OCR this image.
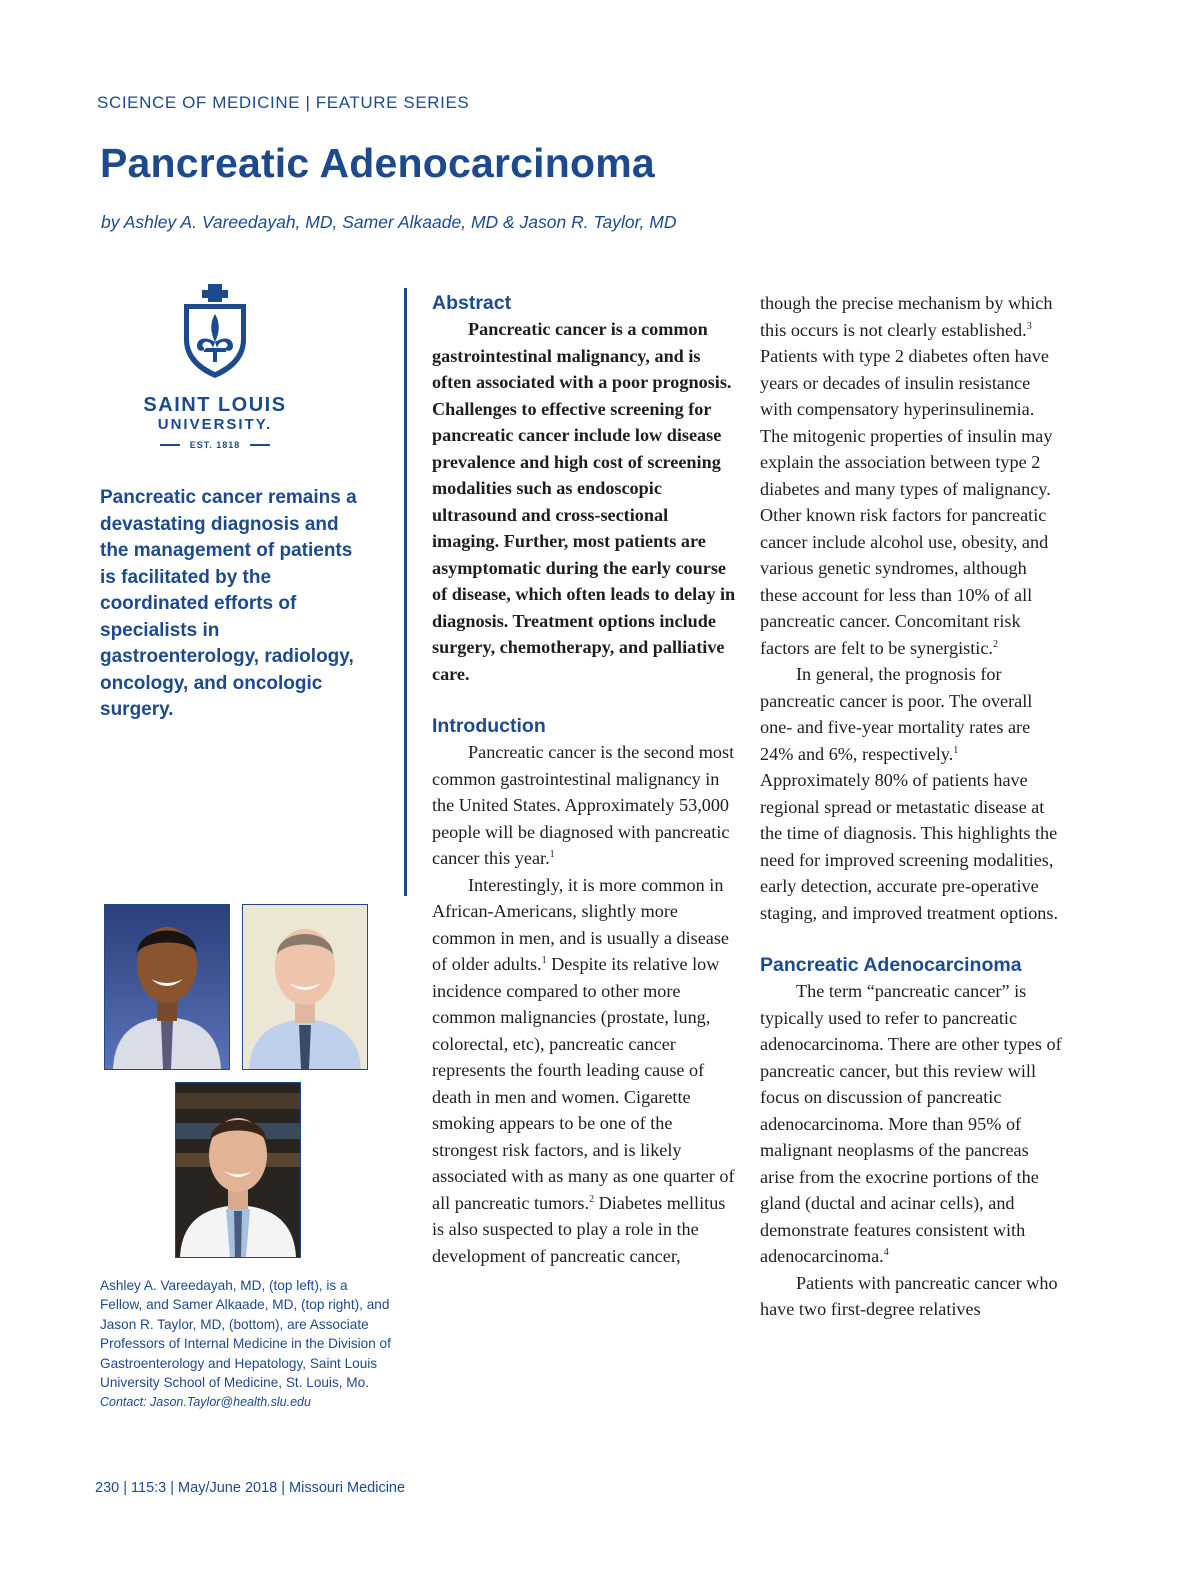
SCIENCE OF MEDICINE | FEATURE SERIES
Pancreatic Adenocarcinoma
by Ashley A. Vareedayah, MD, Samer Alkaade, MD & Jason R. Taylor, MD
SAINT LOUIS
UNIVERSITY.
EST. 1818
Pancreatic cancer remains a devastating diagnosis and the management of patients is facilitated by the coordinated efforts of specialists in gastroenterology, radiology, oncology, and oncologic surgery.
Ashley A. Vareedayah, MD, (top left), is a Fellow, and Samer Alkaade, MD, (top right), and Jason R. Taylor, MD, (bottom), are Associate Professors of Internal Medicine in the Division of Gastroenterology and Hepatology, Saint Louis University School of Medicine, St. Louis, Mo.
Contact: Jason.Taylor@health.slu.edu
Abstract

Pancreatic cancer is a common gastrointestinal malignancy, and is often associated with a poor prognosis. Challenges to effective screening for pancreatic cancer include low disease prevalence and high cost of screening modalities such as endoscopic ultrasound and cross-sectional imaging. Further, most patients are asymptomatic during the early course of disease, which often leads to delay in diagnosis. Treatment options include surgery, chemotherapy, and palliative care.

Introduction

Pancreatic cancer is the second most common gastrointestinal malignancy in the United States. Approximately 53,000 people will be diagnosed with pancreatic cancer this year.$^1$

Interestingly, it is more common in African-Americans, slightly more common in men, and is usually a disease of older adults.$^1$ Despite its relative low incidence compared to other more common malignancies (prostate, lung, colorectal, etc), pancreatic cancer represents the fourth leading cause of death in men and women. Cigarette smoking appears to be one of the strongest risk factors, and is likely associated with as many as one quarter of all pancreatic tumors.$^2$ Diabetes mellitus is also suspected to play a role in the development of pancreatic cancer,

though the precise mechanism by which this occurs is not clearly established.$^3$ Patients with type 2 diabetes often have years or decades of insulin resistance with compensatory hyperinsulinemia. The mitogenic properties of insulin may explain the association between type 2 diabetes and many types of malignancy. Other known risk factors for pancreatic cancer include alcohol use, obesity, and various genetic syndromes, although these account for less than 10% of all pancreatic cancer. Concomitant risk factors are felt to be synergistic.$^2$

In general, the prognosis for pancreatic cancer is poor. The overall one- and five-year mortality rates are 24% and 6%, respectively.$^1$ Approximately 80% of patients have regional spread or metastatic disease at the time of diagnosis. This highlights the need for improved screening modalities, early detection, accurate pre-operative staging, and improved treatment options.

Pancreatic Adenocarcinoma

The term “pancreatic cancer” is typically used to refer to pancreatic adenocarcinoma. There are other types of pancreatic cancer, but this review will focus on discussion of pancreatic adenocarcinoma. More than 95% of malignant neoplasms of the pancreas arise from the exocrine portions of the gland (ductal and acinar cells), and demonstrate features consistent with adenocarcinoma.$^4$

Patients with pancreatic cancer who have two first-degree relatives

230 | 115:3 | May/June 2018 | Missouri Medicine
